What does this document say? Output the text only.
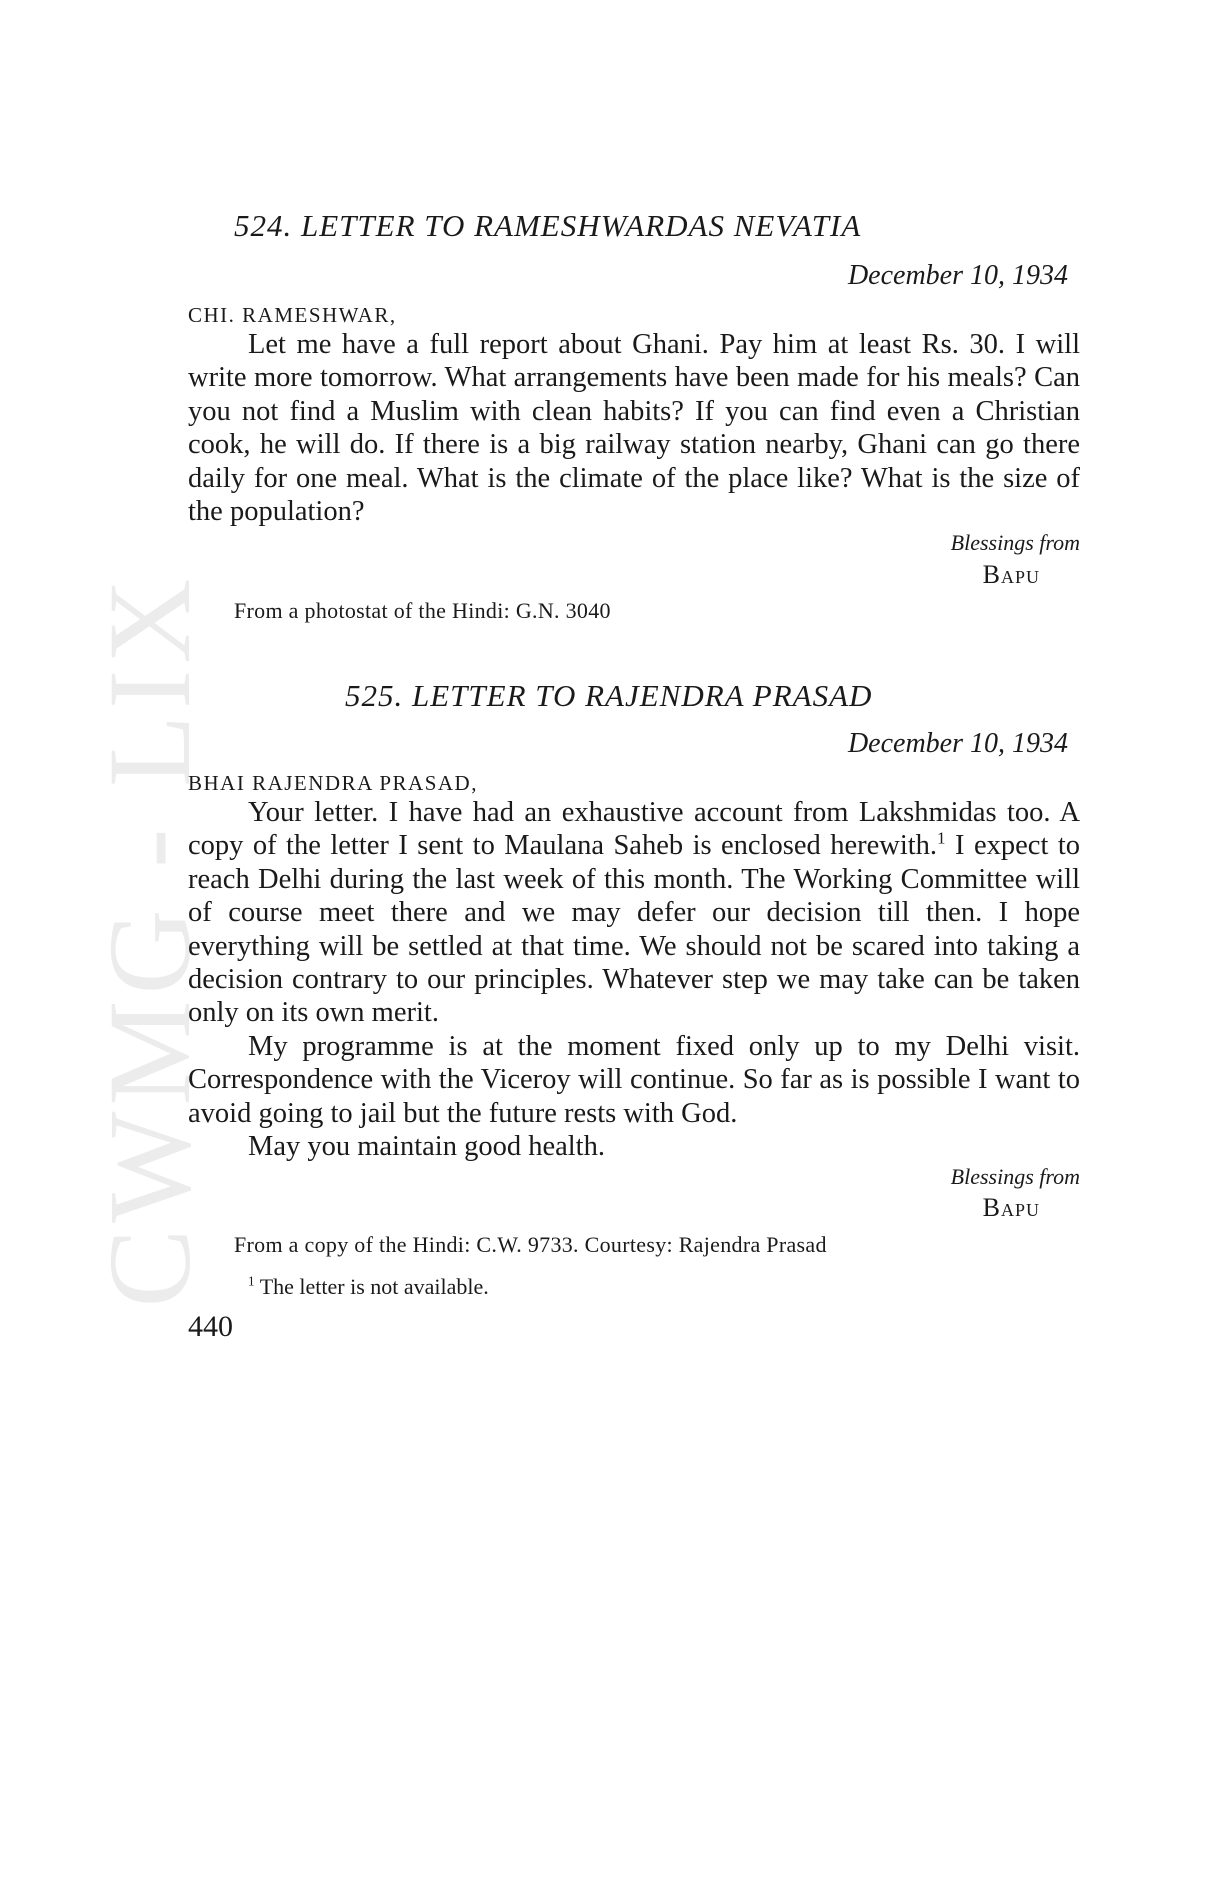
CWMG - LIX
524. LETTER TO RAMESHWARDAS NEVATIA
December 10, 1934
CHI. RAMESHWAR,

Let me have a full report about Ghani. Pay him at least Rs. 30. I will write more tomorrow. What arrangements have been made for his meals? Can you not find a Muslim with clean habits? If you can find even a Christian cook, he will do. If there is a big railway station nearby, Ghani can go there daily for one meal. What is the climate of the place like? What is the size of the population?

Blessings from
Bapu
From a photostat of the Hindi: G.N. 3040
525. LETTER TO RAJENDRA PRASAD
December 10, 1934
BHAI RAJENDRA PRASAD,

Your letter. I have had an exhaustive account from Lakshmidas too. A copy of the letter I sent to Maulana Saheb is enclosed herewith.$^1$ I expect to reach Delhi during the last week of this month. The Working Committee will of course meet there and we may defer our decision till then. I hope everything will be settled at that time. We should not be scared into taking a decision contrary to our principles. Whatever step we may take can be taken only on its own merit.

My programme is at the moment fixed only up to my Delhi visit. Correspondence with the Viceroy will continue. So far as is possible I want to avoid going to jail but the future rests with God.

May you maintain good health.

Blessings from
Bapu
From a copy of the Hindi: C.W. 9733. Courtesy: Rajendra Prasad
$^1$ The letter is not available.
440
